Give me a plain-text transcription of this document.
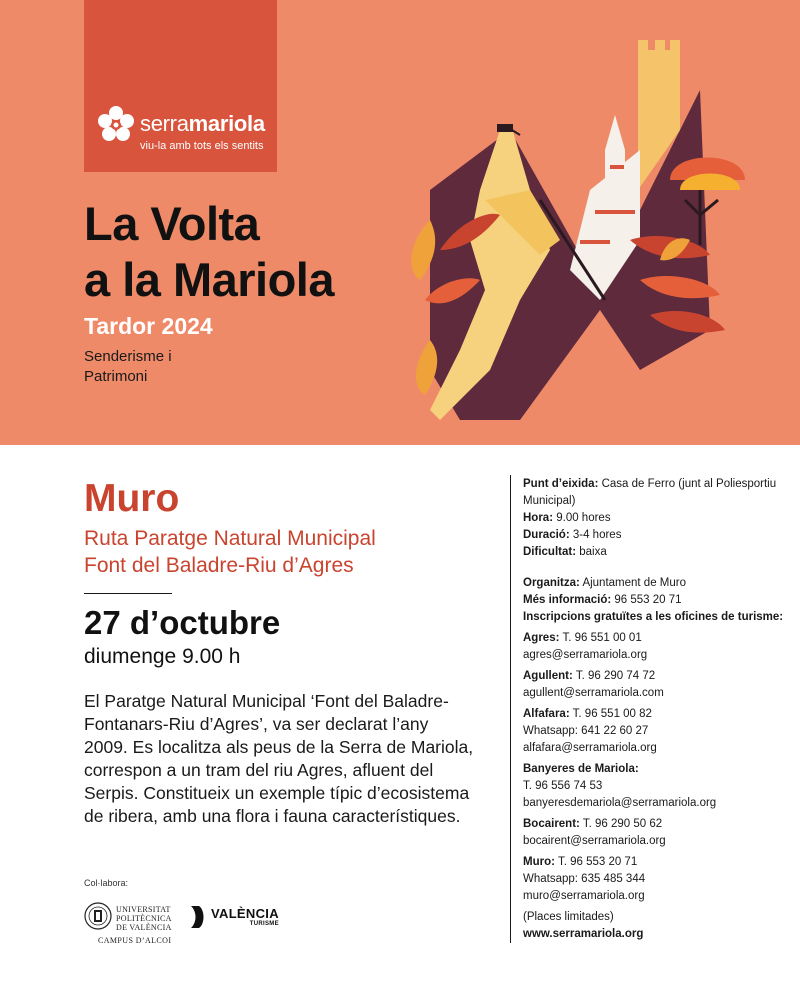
serramariola
viu-la amb tots els sentits
La Volta
a la Mariola
Tardor 2024
Senderisme i
Patrimoni
Muro
Ruta Paratge Natural Municipal
Font del Baladre-Riu d’Agres
27 d’octubre
diumenge 9.00 h
El Paratge Natural Municipal ‘Font del Baladre-Fontanars-Riu d’Agres’, va ser declarat l’any 2009. Es localitza als peus de la Serra de Mariola, correspon a un tram del riu Agres, afluent del Serpis. Constitueix un exemple típic d’ecosistema de ribera, amb una flora i fauna característiques.
Col·labora:
UNIVERSITAT
POLITÈCNICA
DE VALÈNCIA
CAMPUS D’ALCOI
VALÈNCIA
TURISME

Punt d’eixida: Casa de Ferro (junt al Poliesportiu Municipal)

Hora: 9.00 hores

Duració: 3-4 hores

Dificultat: baixa

Organitza: Ajuntament de Muro

Més informació: 96 553 20 71

Inscripcions gratuïtes a les oficines de turisme:

Agres: T. 96 551 00 01

agres@serramariola.org

Agullent: T. 96 290 74 72

agullent@serramariola.com

Alfafara: T. 96 551 00 82

Whatsapp: 641 22 60 27

alfafara@serramariola.org

Banyeres de Mariola:

T. 96 556 74 53

banyeresdemariola@serramariola.org

Bocairent: T. 96 290 50 62

bocairent@serramariola.org

Muro: T. 96 553 20 71

Whatsapp: 635 485 344

muro@serramariola.org

(Places limitades)

www.serramariola.org
